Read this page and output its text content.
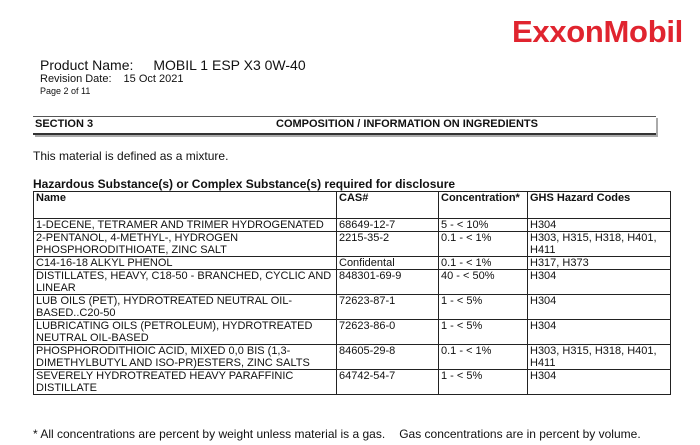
ExxonMobil
Product Name: MOBIL 1 ESP X3 0W-40
Revision Date: 15 Oct 2021
Page 2 of 11
SECTION 3	COMPOSITION / INFORMATION ON INGREDIENTS
This material is defined as a mixture.
Hazardous Substance(s) or Complex Substance(s) required for disclosure
Name	CAS#	Concentration*	GHS Hazard Codes
1-DECENE, TETRAMER AND TRIMER HYDROGENATED	68649-12-7	5 - < 10%	H304
2-PENTANOL, 4-METHYL-, HYDROGEN PHOSPHORODITHIOATE, ZINC SALT	2215-35-2	0.1 - < 1%	H303, H315, H318, H401, H411
C14-16-18 ALKYL PHENOL	Confidental	0.1 - < 1%	H317, H373
DISTILLATES, HEAVY, C18-50 - BRANCHED, CYCLIC AND LINEAR	848301-69-9	40 - < 50%	H304
LUB OILS (PET), HYDROTREATED NEUTRAL OIL-BASED..C20-50	72623-87-1	1 - < 5%	H304
LUBRICATING OILS (PETROLEUM), HYDROTREATED NEUTRAL OIL-BASED	72623-86-0	1 - < 5%	H304
PHOSPHORODITHIOIC ACID, MIXED 0,0 BIS (1,3-DIMETHYLBUTYL AND ISO-PR)ESTERS, ZINC SALTS	84605-29-8	0.1 - < 1%	H303, H315, H318, H401, H411
SEVERELY HYDROTREATED HEAVY PARAFFINIC DISTILLATE	64742-54-7	1 - < 5%	H304
* All concentrations are percent by weight unless material is a gas. Gas concentrations are in percent by volume.
